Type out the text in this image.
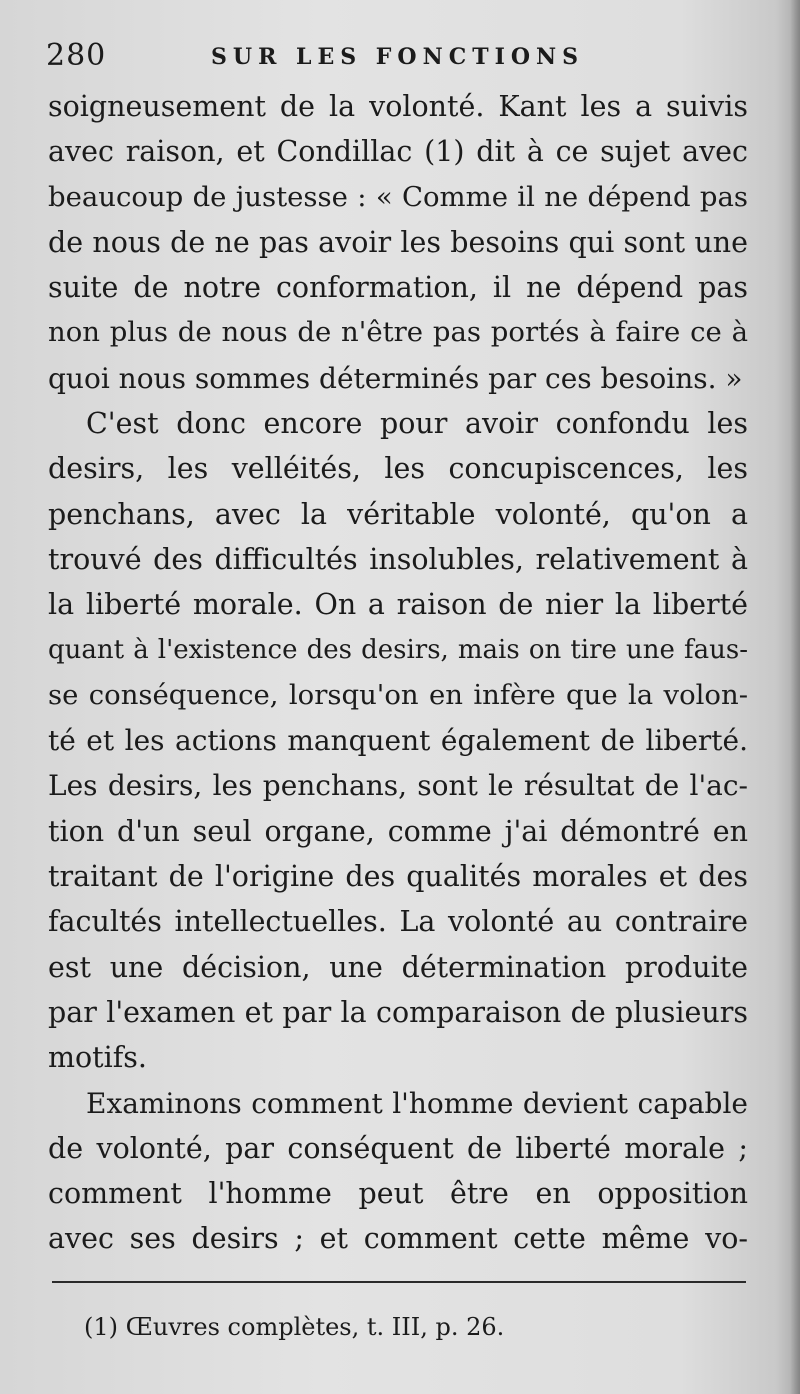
280	SUR LES FONCTIONS
soigneusement de la volonté. Kant les a suivis
avec raison, et Condillac (1) dit à ce sujet avec
beaucoup de justesse : « Comme il ne dépend pas
de nous de ne pas avoir les besoins qui sont une
suite de notre conformation, il ne dépend pas
non plus de nous de n'être pas portés à faire ce à
quoi nous sommes déterminés par ces besoins. »
C'est donc encore pour avoir confondu les
desirs, les velléités, les concupiscences, les
penchans, avec la véritable volonté, qu'on a
trouvé des difficultés insolubles, relativement à
la liberté morale. On a raison de nier la liberté
quant à l'existence des desirs, mais on tire une faus-
se conséquence, lorsqu'on en infère que la volon-
té et les actions manquent également de liberté.
Les desirs, les penchans, sont le résultat de l'ac-
tion d'un seul organe, comme j'ai démontré en
traitant de l'origine des qualités morales et des
facultés intellectuelles. La volonté au contraire
est une décision, une détermination produite
par l'examen et par la comparaison de plusieurs
motifs.
Examinons comment l'homme devient capable
de volonté, par conséquent de liberté morale ;
comment l'homme peut être en opposition
avec ses desirs ; et comment cette même vo-
(1) Œuvres complètes, t. III, p. 26.
